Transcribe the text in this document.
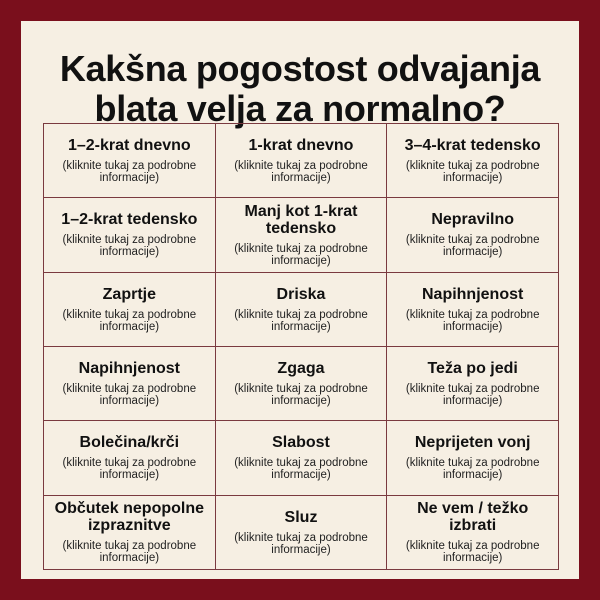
Kakšna pogostost odvajanja
blata velja za normalno?
1–2-krat dnevno
(kliknite tukaj za podrobne informacije)
1-krat dnevno
(kliknite tukaj za podrobne informacije)
3–4-krat tedensko
(kliknite tukaj za podrobne informacije)
1–2-krat tedensko
(kliknite tukaj za podrobne informacije)
Manj kot 1-krat tedensko
(kliknite tukaj za podrobne informacije)
Nepravilno
(kliknite tukaj za podrobne informacije)
Zaprtje
(kliknite tukaj za podrobne informacije)
Driska
(kliknite tukaj za podrobne informacije)
Napihnjenost
(kliknite tukaj za podrobne informacije)
Napihnjenost
(kliknite tukaj za podrobne informacije)
Zgaga
(kliknite tukaj za podrobne informacije)
Teža po jedi
(kliknite tukaj za podrobne informacije)
Bolečina/krči
(kliknite tukaj za podrobne informacije)
Slabost
(kliknite tukaj za podrobne informacije)
Neprijeten vonj
(kliknite tukaj za podrobne informacije)
Občutek nepopolne izpraznitve
(kliknite tukaj za podrobne informacije)
Sluz
(kliknite tukaj za podrobne informacije)
Ne vem / težko izbrati
(kliknite tukaj za podrobne informacije)
